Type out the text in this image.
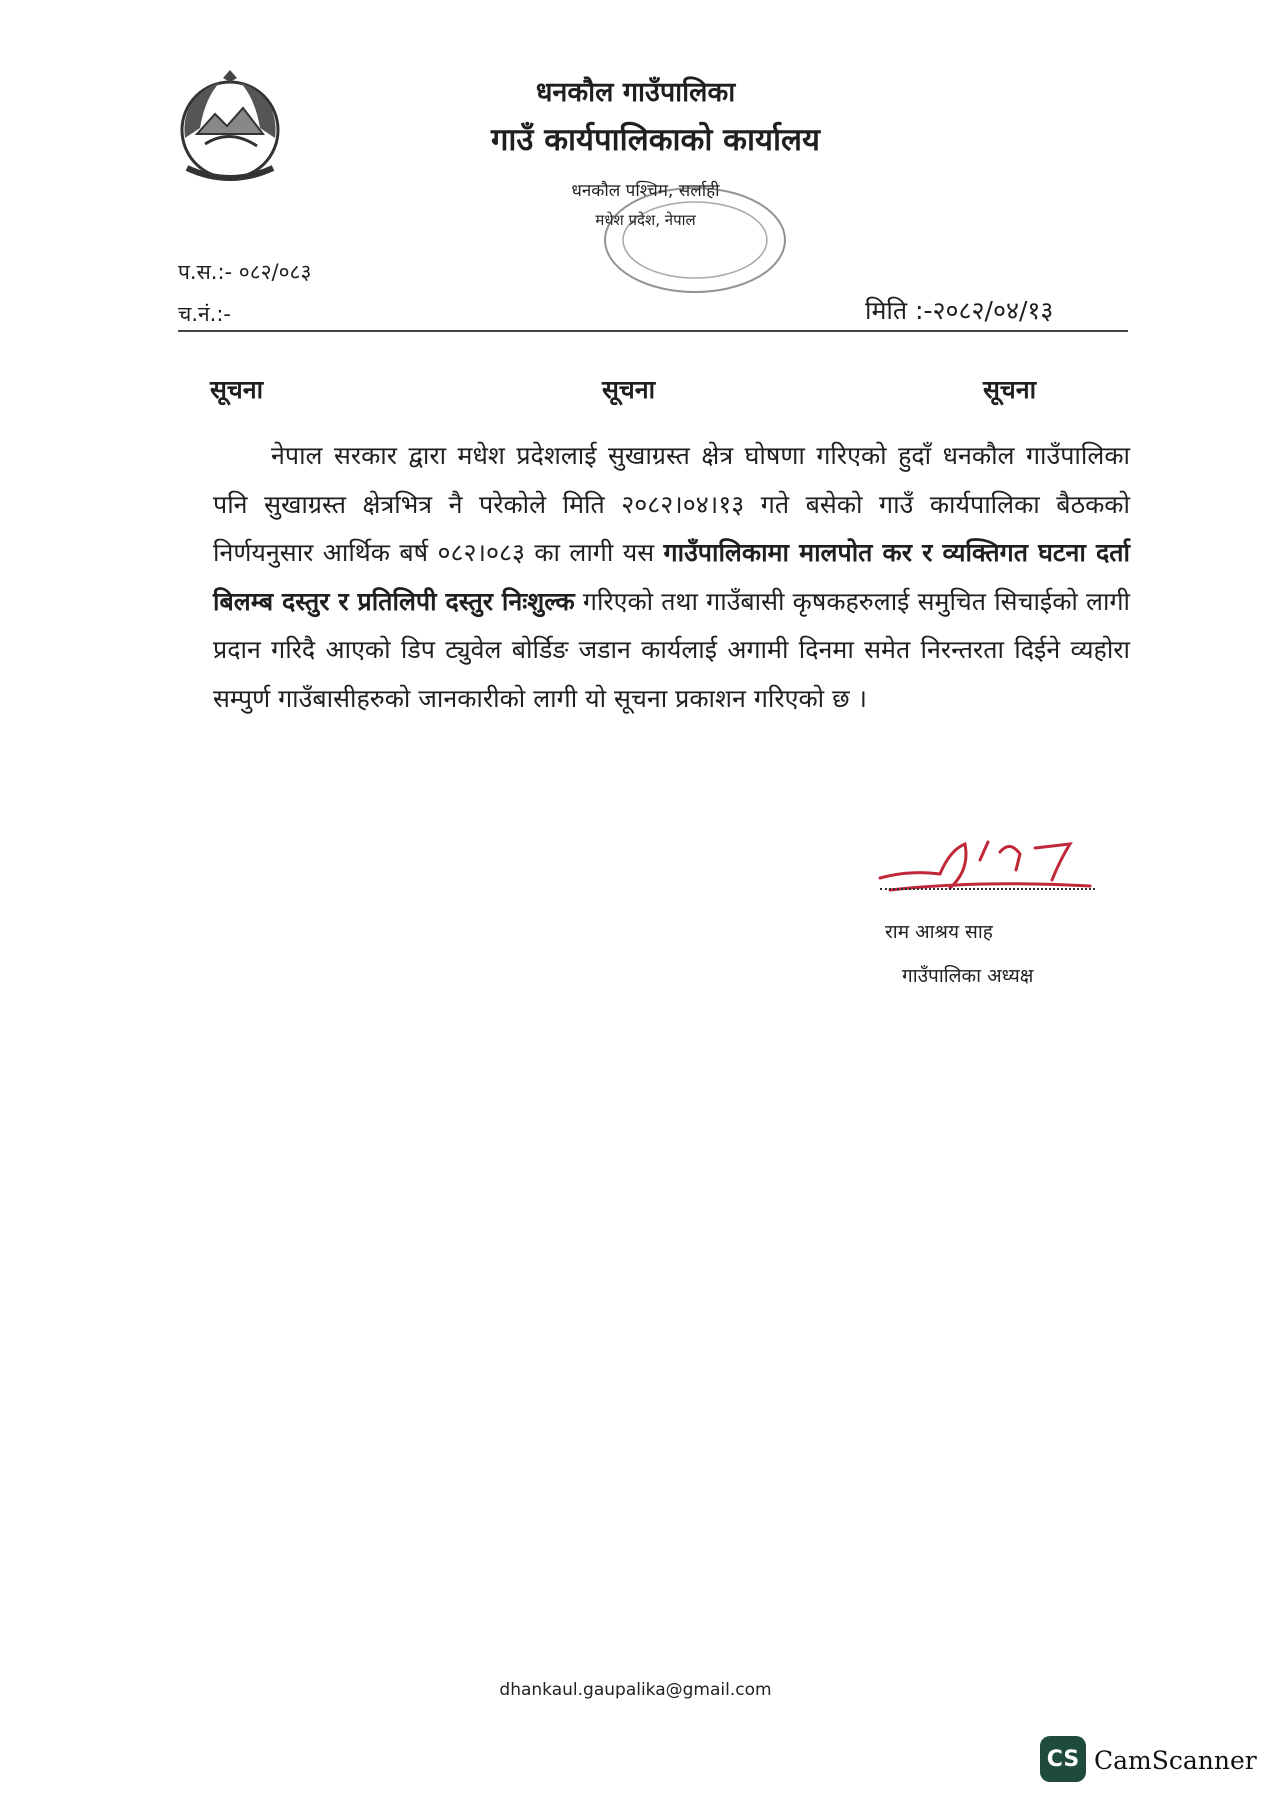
धनकौल गाउँपालिका
गाउँ कार्यपालिकाको कार्यालय
धनकौल पश्चिम, सर्लाही
मधेश प्रदेश, नेपाल
प.स.:- ०८२/०८३
च.नं.:-	मिति :-२०८२/०४/१३
सूचना	सूचना	सूचना

नेपाल सरकार द्वारा मधेश प्रदेशलाई सुखाग्रस्त क्षेत्र घोषणा गरिएको हुदाँ धनकौल गाउँपालिका पनि सुखाग्रस्त क्षेत्रभित्र नै परेकोले मिति २०८२।०४।१३ गते बसेको गाउँ कार्यपालिका बैठकको निर्णयनुसार आर्थिक बर्ष ०८२।०८३ का लागी यस गाउँपालिकामा मालपोत कर र व्यक्तिगत घटना दर्ता बिलम्ब दस्तुर र प्रतिलिपी दस्तुर निःशुल्क गरिएको तथा गाउँबासी कृषकहरुलाई समुचित सिचाईको लागी प्रदान गरिदै आएको डिप ट्युवेल बोर्डिङ जडान कार्यलाई अगामी दिनमा समेत निरन्तरता दिईने व्यहोरा सम्पुर्ण गाउँबासीहरुको जानकारीको लागी यो सूचना प्रकाशन गरिएको छ ।

राम आश्रय साह
गाउँपालिका अध्यक्ष
dhankaul.gaupalika@gmail.com
CS CamScanner
